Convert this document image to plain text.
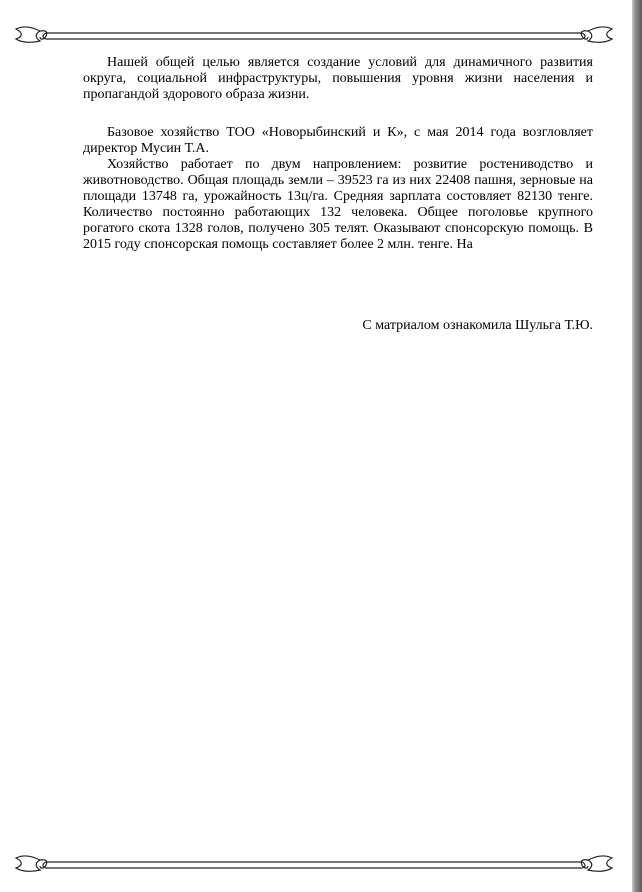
Нашей общей целью является создание условий для динамичного развития округа, социальной инфраструктуры, повышения уровня жизни населения и пропагандой здорового образа жизни.

Базовое хозяйство ТОО «Новорыбинский и К», с мая 2014 года возгловляет директор Мусин Т.А.

Хозяйство работает по двум напровлением: розвитие ростениводство и животноводство. Общая площадь земли – 39523 га из них 22408 пашня, зерновые на площади 13748 га, урожайность 13ц/га. Средняя зарплата состовляет 82130 тенге. Количество постоянно работающих 132 человека. Общее поголовье крупного рогатого скота 1328 голов, получено 305 телят. Оказывают спонсорскую помощь. В 2015 году спонсорская помощь составляет более 2 млн. тенге. На

С матриалом ознакомила Шульга Т.Ю.
